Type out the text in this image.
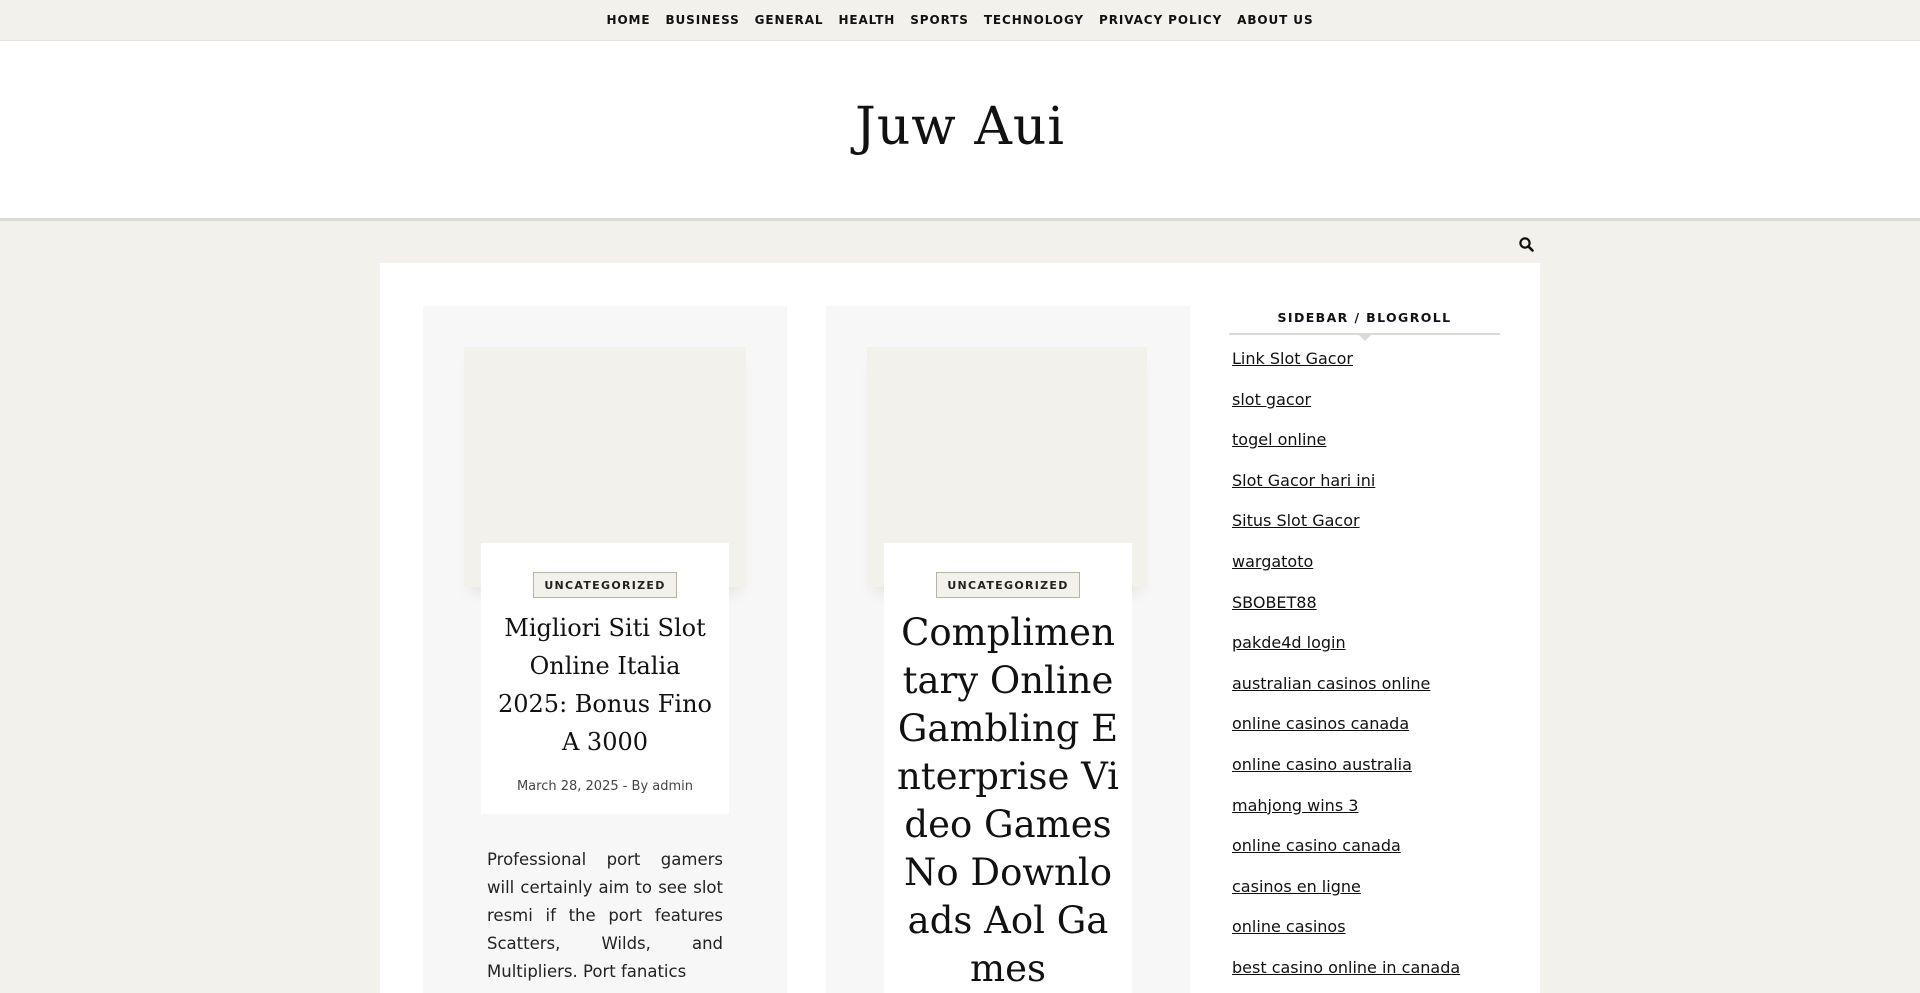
HOME BUSINESS GENERAL HEALTH SPORTS TECHNOLOGY PRIVACY POLICY ABOUT US
Juw Aui
UNCATEGORIZED
Migliori Siti Slot Online Italia 2025: Bonus Fino A 3000
March 28, 2025 - By admin

Professional port gamers will certainly aim to see slot resmi if the port features Scatters, Wilds, and Multipliers. Port fanatics

UNCATEGORIZED
Complimentary Online Gambling Enterprise Video Games No Downloads Aol Games
SIDEBAR / BLOGROLL
Link Slot Gacor
slot gacor
togel online
Slot Gacor hari ini
Situs Slot Gacor
wargatoto
SBOBET88
pakde4d login
australian casinos online
online casinos canada
online casino australia
mahjong wins 3
online casino canada
casinos en ligne
online casinos
best casino online in canada
